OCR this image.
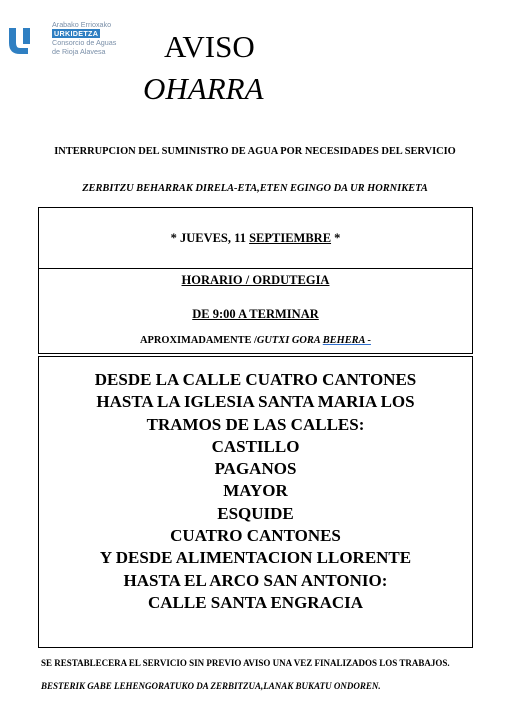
Arabako Errioxako
URKIDETZA
Consorcio de Aguas
de Rioja Alavesa	AVISO
OHARRA
INTERRUPCION DEL SUMINISTRO DE AGUA POR NECESIDADES DEL SERVICIO
ZERBITZU BEHARRAK DIRELA-ETA,ETEN EGINGO DA UR HORNIKETA
* JUEVES, 11 SEPTIEMBRE *
HORARIO / ORDUTEGIA
DE 9:00 A TERMINAR
APROXIMADAMENTE /GUTXI GORA BEHERA -
DESDE LA CALLE CUATRO CANTONES
HASTA LA IGLESIA SANTA MARIA LOS
TRAMOS DE LAS CALLES:
CASTILLO
PAGANOS
MAYOR
ESQUIDE
CUATRO CANTONES
Y DESDE ALIMENTACION LLORENTE
HASTA EL ARCO SAN ANTONIO:
CALLE SANTA ENGRACIA
SE RESTABLECERA EL SERVICIO SIN PREVIO AVISO UNA VEZ FINALIZADOS LOS TRABAJOS.
BESTERIK GABE LEHENGORATUKO DA ZERBITZUA,LANAK BUKATU ONDOREN.
